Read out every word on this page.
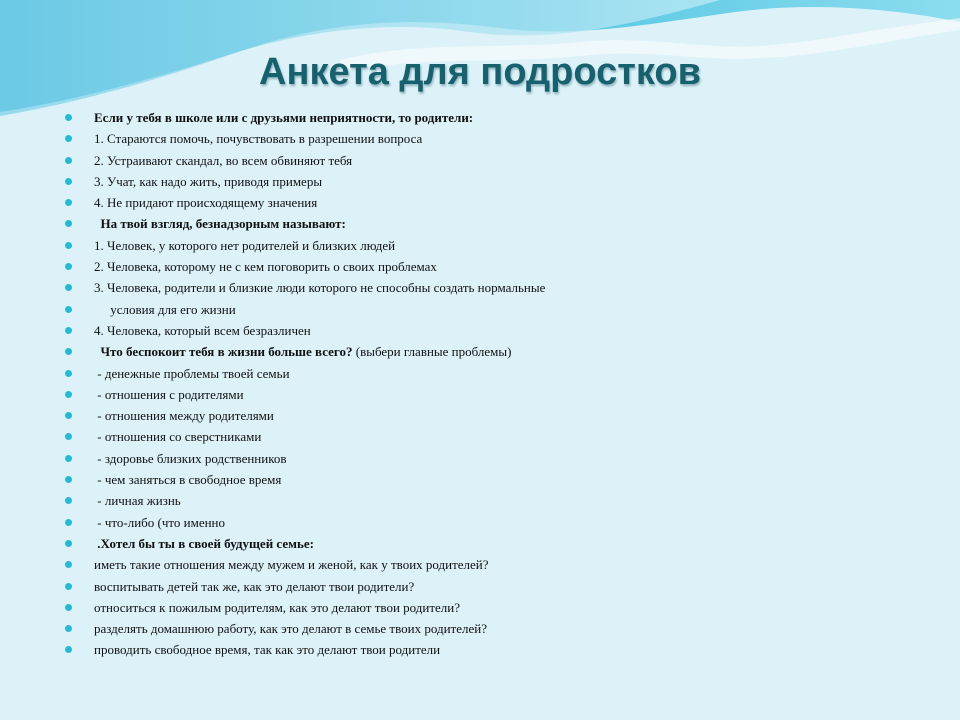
Анкета для подростков
Если у тебя в школе или с друзьями неприятности, то родители:
1. Стараются помочь, почувствовать в разрешении вопроса
2. Устраивают скандал, во всем обвиняют тебя
3. Учат, как надо жить, приводя примеры
4. Не придают происходящему значения
На твой взгляд, безнадзорным называют:
1. Человек, у которого нет родителей и близких людей
2. Человека, которому не с кем поговорить о своих проблемах
3. Человека, родители и близкие люди которого не способны создать нормальные
условия для его жизни
4. Человека, который всем безразличен
Что беспокоит тебя в жизни больше всего? (выбери главные проблемы)
- денежные проблемы твоей семьи
- отношения с родителями
- отношения между родителями
- отношения со сверстниками
- здоровье близких родственников
- чем заняться в свободное время
- личная жизнь
- что-либо (что именно
.Хотел бы ты в своей будущей семье:
иметь такие отношения между мужем и женой, как у твоих родителей?
воспитывать детей так же, как это делают твои родители?
относиться к пожилым родителям, как это делают твои родители?
разделять домашнюю работу, как это делают в семье твоих родителей?
проводить свободное время, так как это делают твои родители
